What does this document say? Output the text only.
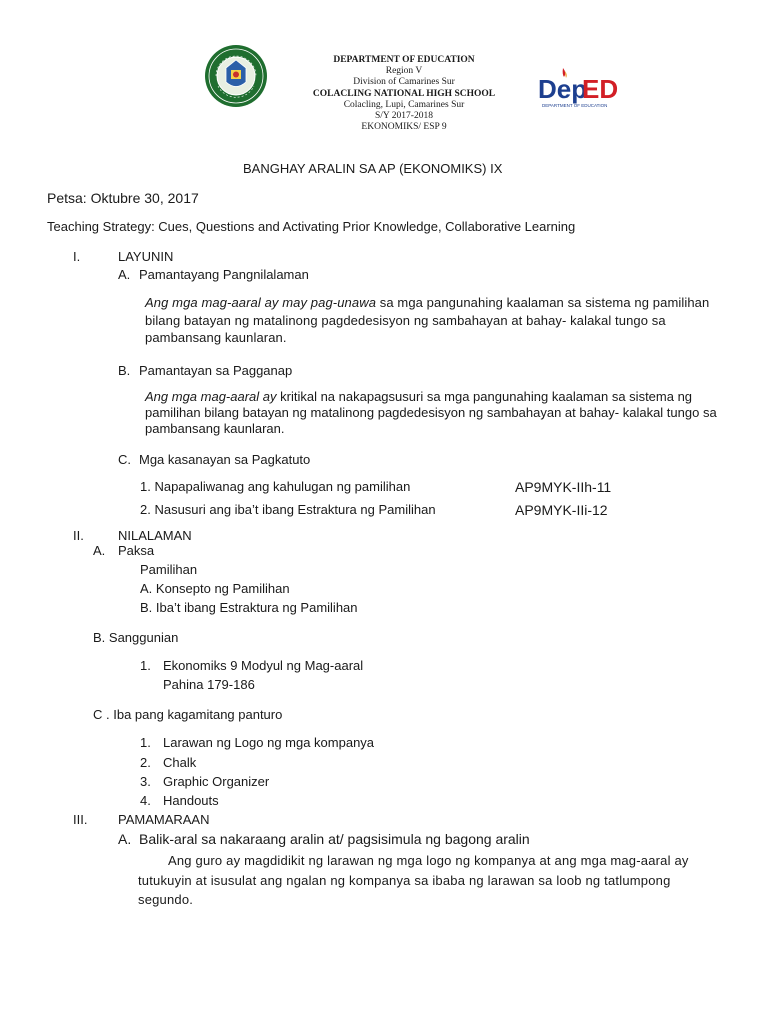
DEPARTMENT OF EDUCATION
Region V
Division of Camarines Sur
COLACLING NATIONAL HIGH SCHOOL
Colacling, Lupi, Camarines Sur
S/Y 2017-2018
EKONOMIKS/ ESP 9
Dep
ED
DEPARTMENT OF EDUCATION
BANGHAY ARALIN SA AP (EKONOMIKS) IX
Petsa: Oktubre 30, 2017
Teaching Strategy: Cues, Questions and Activating Prior Knowledge, Collaborative Learning
I.	LAYUNIN
A. Pamantayang Pangnilalaman
Ang mga mag-aaral ay may pag-unawa sa mga pangunahing kaalaman sa sistema ng pamilihan bilang batayan ng matalinong pagdedesisyon ng sambahayan at bahay- kalakal tungo sa pambansang kaunlaran.
B. Pamantayan sa Pagganap
Ang mga mag-aaral ay kritikal na nakapagsusuri sa mga pangunahing kaalaman sa sistema ng pamilihan bilang batayan ng matalinong pagdedesisyon ng sambahayan at bahay- kalakal tungo sa pambansang kaunlaran.
C. Mga kasanayan sa Pagkatuto
1. Napapaliwanag ang kahulugan ng pamilihan	AP9MYK-IIh-11
2. Nasusuri ang iba’t ibang Estraktura ng Pamilihan	AP9MYK-IIi-12
II.	NILALAMAN
A. Paksa
Pamilihan
A. Konsepto ng Pamilihan
B. Iba’t ibang Estraktura ng Pamilihan
B. Sanggunian
1. Ekonomiks 9 Modyul ng Mag-aaral
Pahina 179-186
C . Iba pang kagamitang panturo
1. Larawan ng Logo ng mga kompanya
2. Chalk
3. Graphic Organizer
4. Handouts
III. PAMAMARAAN
A. Balik-aral sa nakaraang aralin at/ pagsisimula ng bagong aralin
Ang guro ay magdidikit ng larawan ng mga logo ng kompanya at ang mga mag-aaral ay tutukuyin at isusulat ang ngalan ng kompanya sa ibaba ng larawan sa loob ng tatlumpong segundo.
